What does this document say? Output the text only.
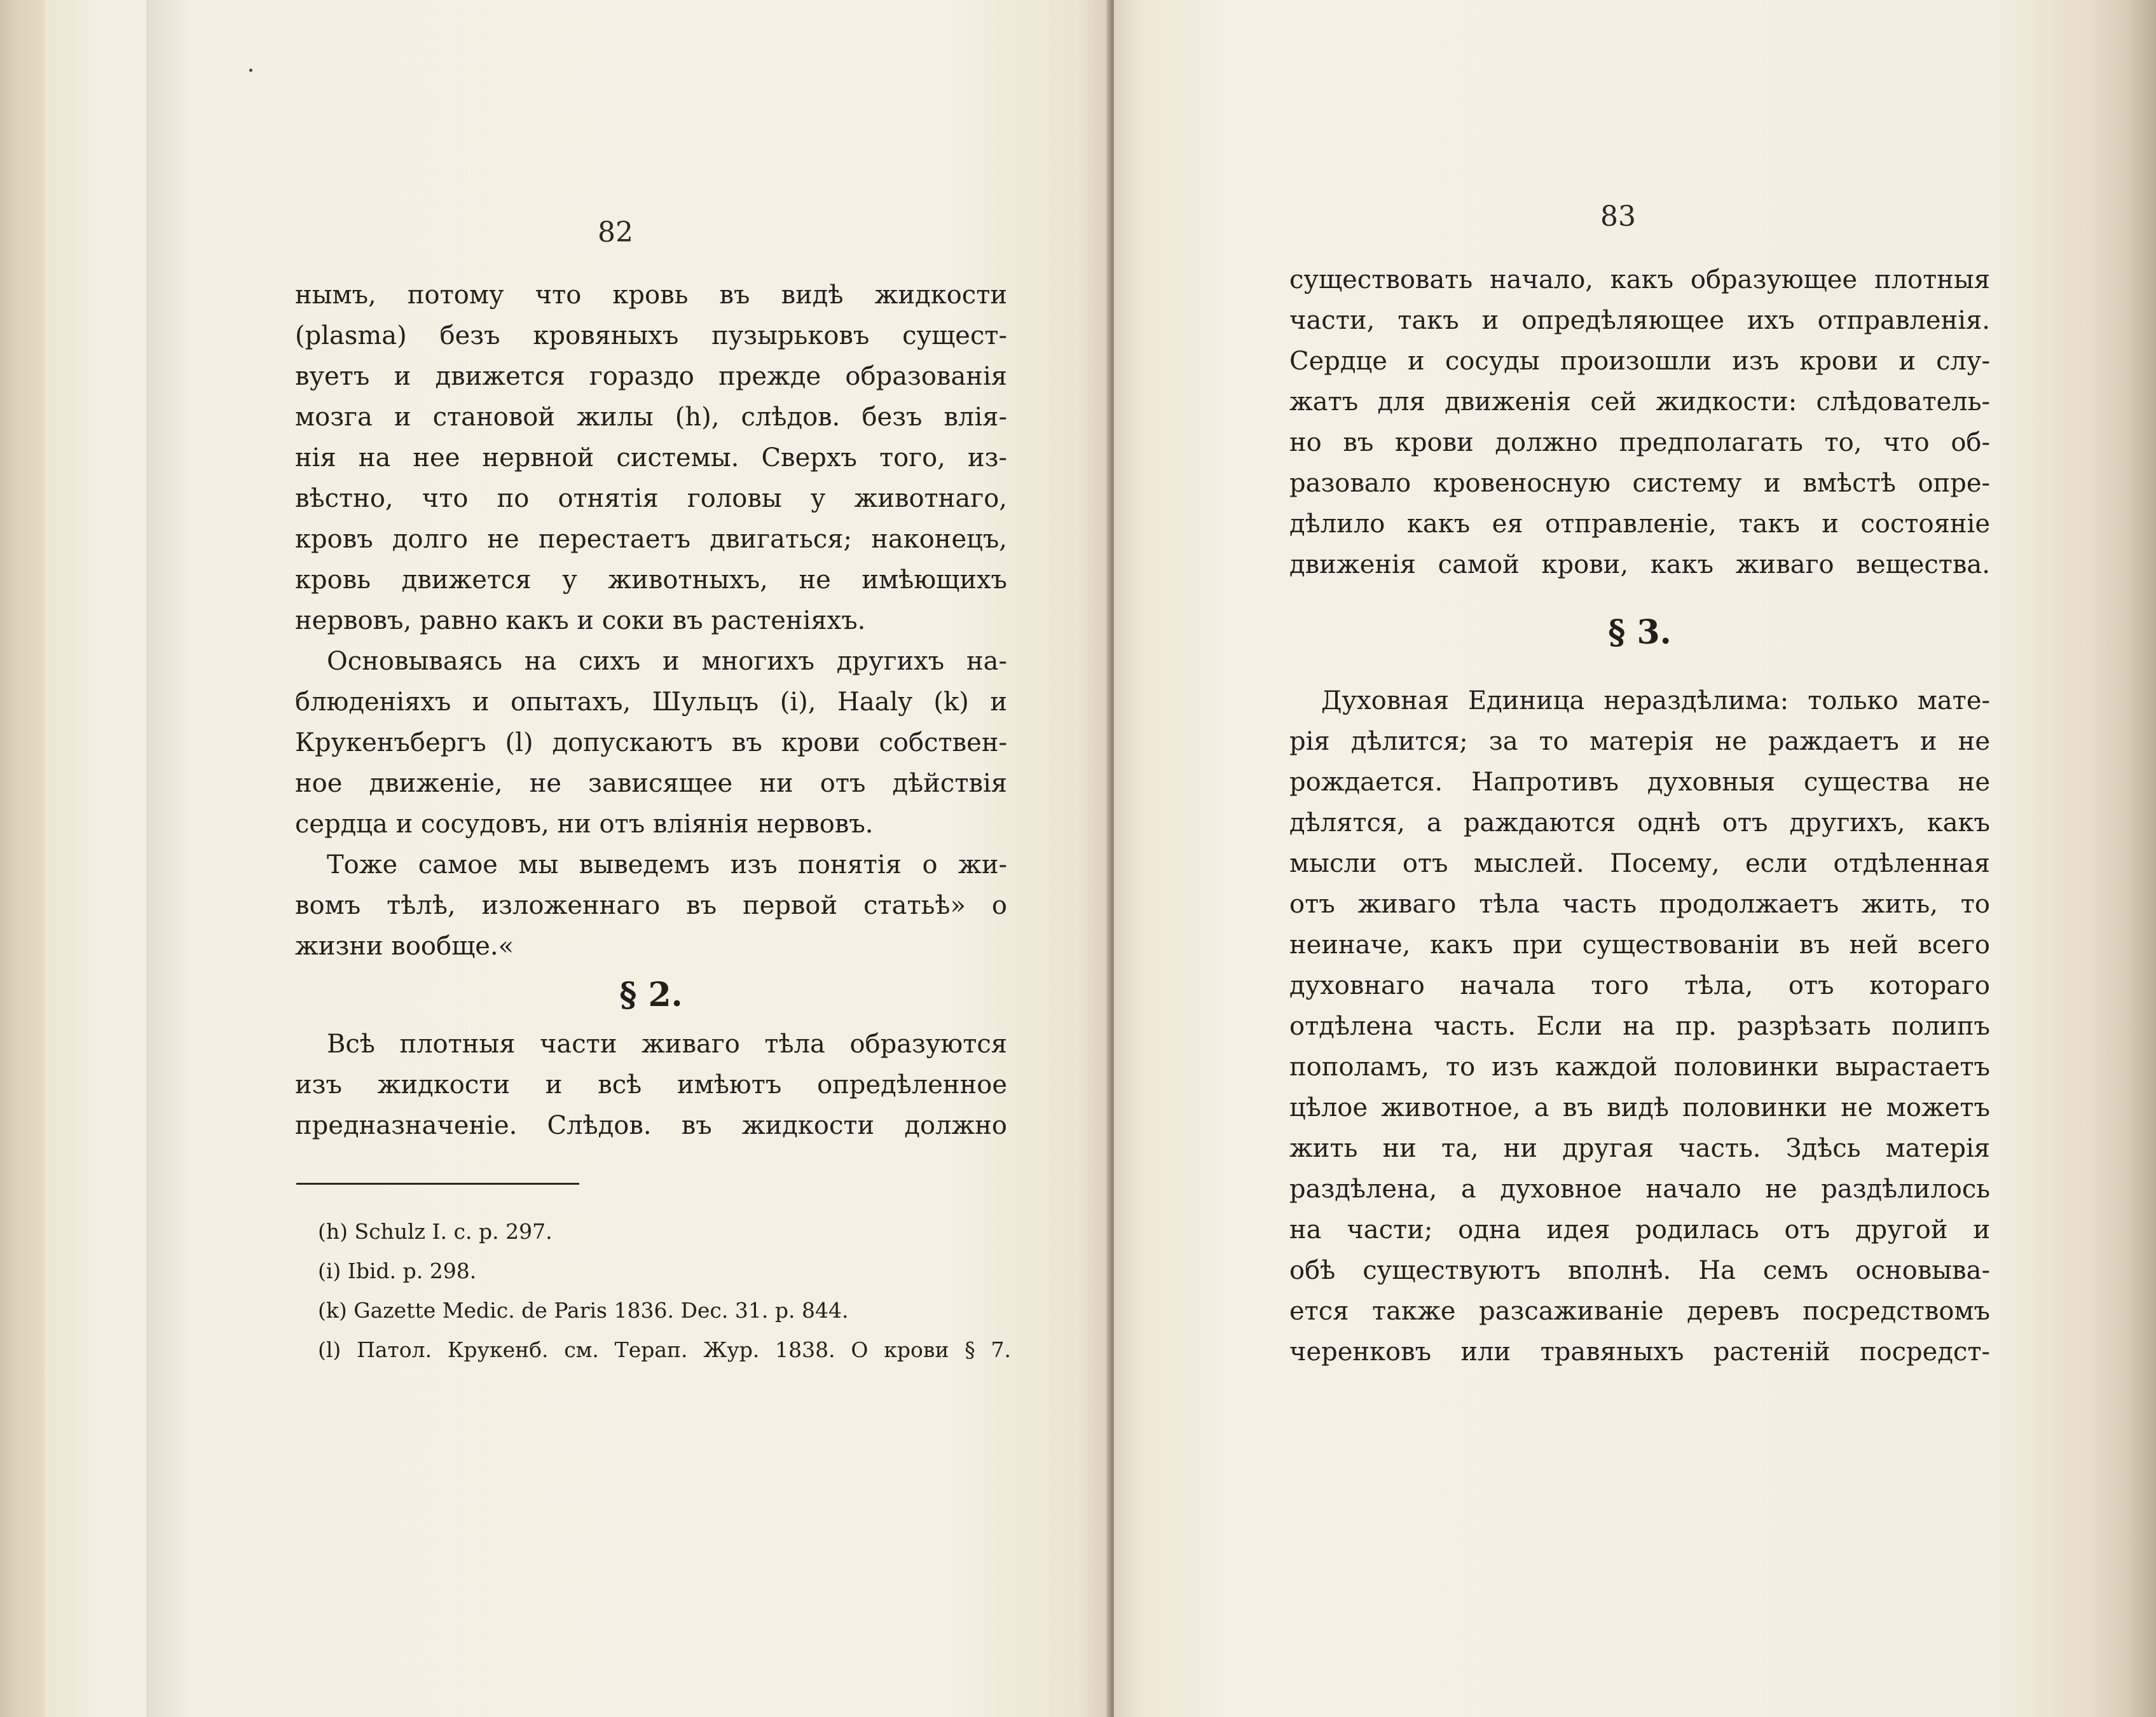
82
нымъ, потому что кровь въ видѣ жидкости
(plasma) безъ кровяныхъ пузырьковъ сущест-
вуетъ и движется гораздо прежде образованія
мозга и становой жилы (h), слѣдов. безъ влія-
нія на нее нервной системы. Сверхъ того, из-
вѣстно, что по отнятія головы у животнаго,
кровъ долго не перестаетъ двигаться; наконецъ,
кровь движется у животныхъ, не имѣющихъ
нервовъ, равно какъ и соки въ растеніяхъ.
Основываясь на сихъ и многихъ другихъ на-
блюденіяхъ и опытахъ, Шульцъ (i), Haaly (k) и
Крукенъбергъ (l) допускаютъ въ крови собствен-
ное движеніе, не зависящее ни отъ дѣйствія
сердца и сосудовъ, ни отъ вліянія нервовъ.
Тоже самое мы выведемъ изъ понятія о жи-
вомъ тѣлѣ, изложеннаго въ первой статьѣ» о
жизни вообще.«
§ 2.
Всѣ плотныя части живаго тѣла образуются
изъ жидкости и всѣ имѣютъ опредѣленное
предназначеніе. Слѣдов. въ жидкости должно
(h) Schulz I. c. p. 297.
(i) Ibid. p. 298.
(k) Gazette Medic. de Paris 1836. Dec. 31. p. 844.
(l) Патол. Крукенб. см. Терап. Жур. 1838. О крови § 7.
83
существовать начало, какъ образующее плотныя
части, такъ и опредѣляющее ихъ отправленія.
Сердце и сосуды произошли изъ крови и слу-
жатъ для движенія сей жидкости: слѣдователь-
но въ крови должно предполагать то, что об-
разовало кровеносную систему и вмѣстѣ опре-
дѣлило какъ ея отправленіе, такъ и состояніе
движенія самой крови, какъ живаго вещества.
§ 3.
Духовная Единица нераздѣлима: только мате-
рія дѣлится; за то матерія не раждаетъ и не
рождается. Напротивъ духовныя существа не
дѣлятся, а раждаются однѣ отъ другихъ, какъ
мысли отъ мыслей. Посему, если отдѣленная
отъ живаго тѣла часть продолжаетъ жить, то
неиначе, какъ при существованіи въ ней всего
духовнаго начала того тѣла, отъ котораго
отдѣлена часть. Если на пр. разрѣзать полипъ
пополамъ, то изъ каждой половинки вырастаетъ
цѣлое животное, а въ видѣ половинки не можетъ
жить ни та, ни другая часть. Здѣсь матерія
раздѣлена, а духовное начало не раздѣлилось
на части; одна идея родилась отъ другой и
обѣ существуютъ вполнѣ. На семъ основыва-
ется также разсаживаніе деревъ посредствомъ
черенковъ или травяныхъ растеній посредст-
